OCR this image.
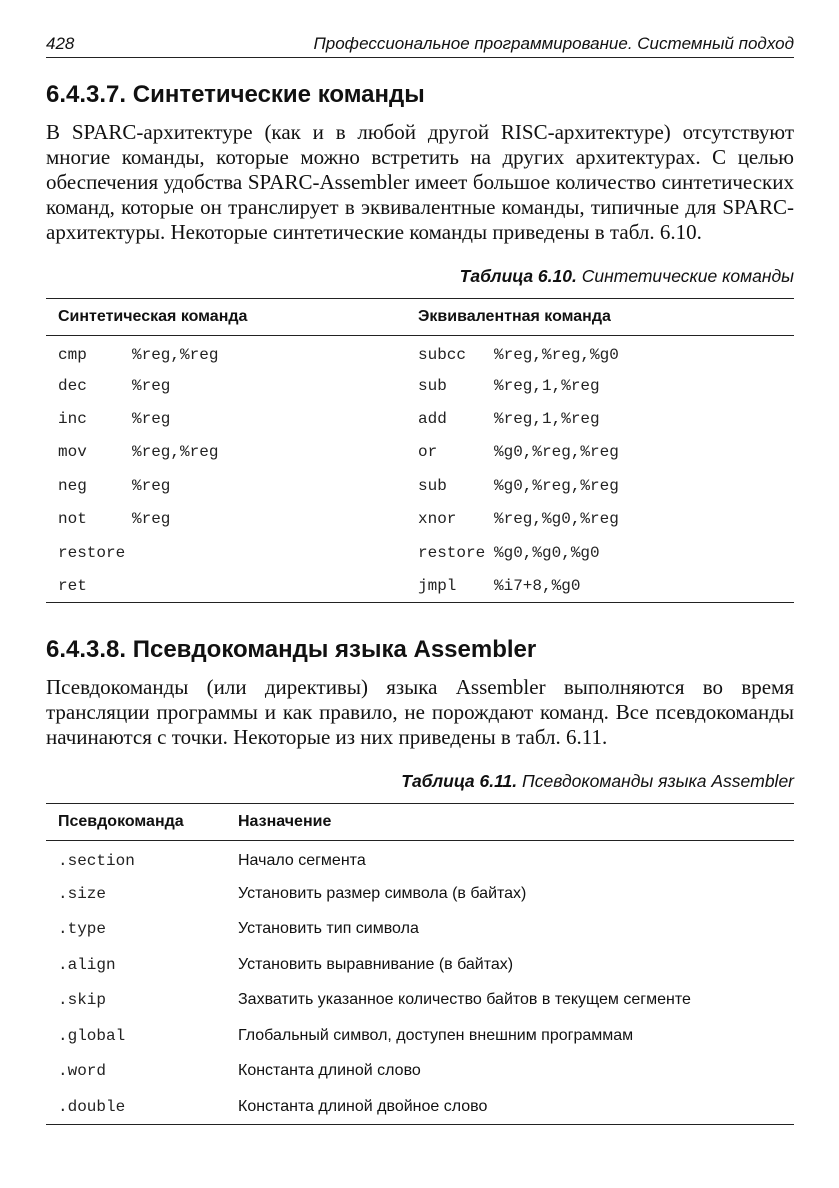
428	Профессиональное программирование. Системный подход
6.4.3.7. Синтетические команды

В SPARC-архитектуре (как и в любой другой RISC-архитектуре) отсутствуют многие команды, которые можно встретить на других архитектурах. С целью обеспечения удобства SPARC-Assembler имеет большое количество синтетических команд, которые он транслирует в эквивалентные команды, типичные для SPARC-архитектуры. Некоторые синтетические команды приведены в табл. 6.10.

Таблица 6.10. Синтетические команды

Синтетическая команда	Эквивалентная команда
cmp %reg,%reg	subcc %reg,%reg,%g0
dec %reg	sub %reg,1,%reg
inc %reg	add %reg,1,%reg
mov %reg,%reg	or %g0,%reg,%reg
neg %reg	sub %g0,%reg,%reg
not %reg	xnor %reg,%g0,%reg
restore	restore %g0,%g0,%g0
ret	jmpl %i7+8,%g0
6.4.3.8. Псевдокоманды языка Assembler

Псевдокоманды (или директивы) языка Assembler выполняются во время трансляции программы и как правило, не порождают команд. Все псевдокоманды начинаются с точки. Некоторые из них приведены в табл. 6.11.

Таблица 6.11. Псевдокоманды языка Assembler

Псевдокоманда	Назначение
.section	Начало сегмента
.size	Установить размер символа (в байтах)
.type	Установить тип символа
.align	Установить выравнивание (в байтах)
.skip	Захватить указанное количество байтов в текущем сегменте
.global	Глобальный символ, доступен внешним программам
.word	Константа длиной слово
.double	Константа длиной двойное слово
